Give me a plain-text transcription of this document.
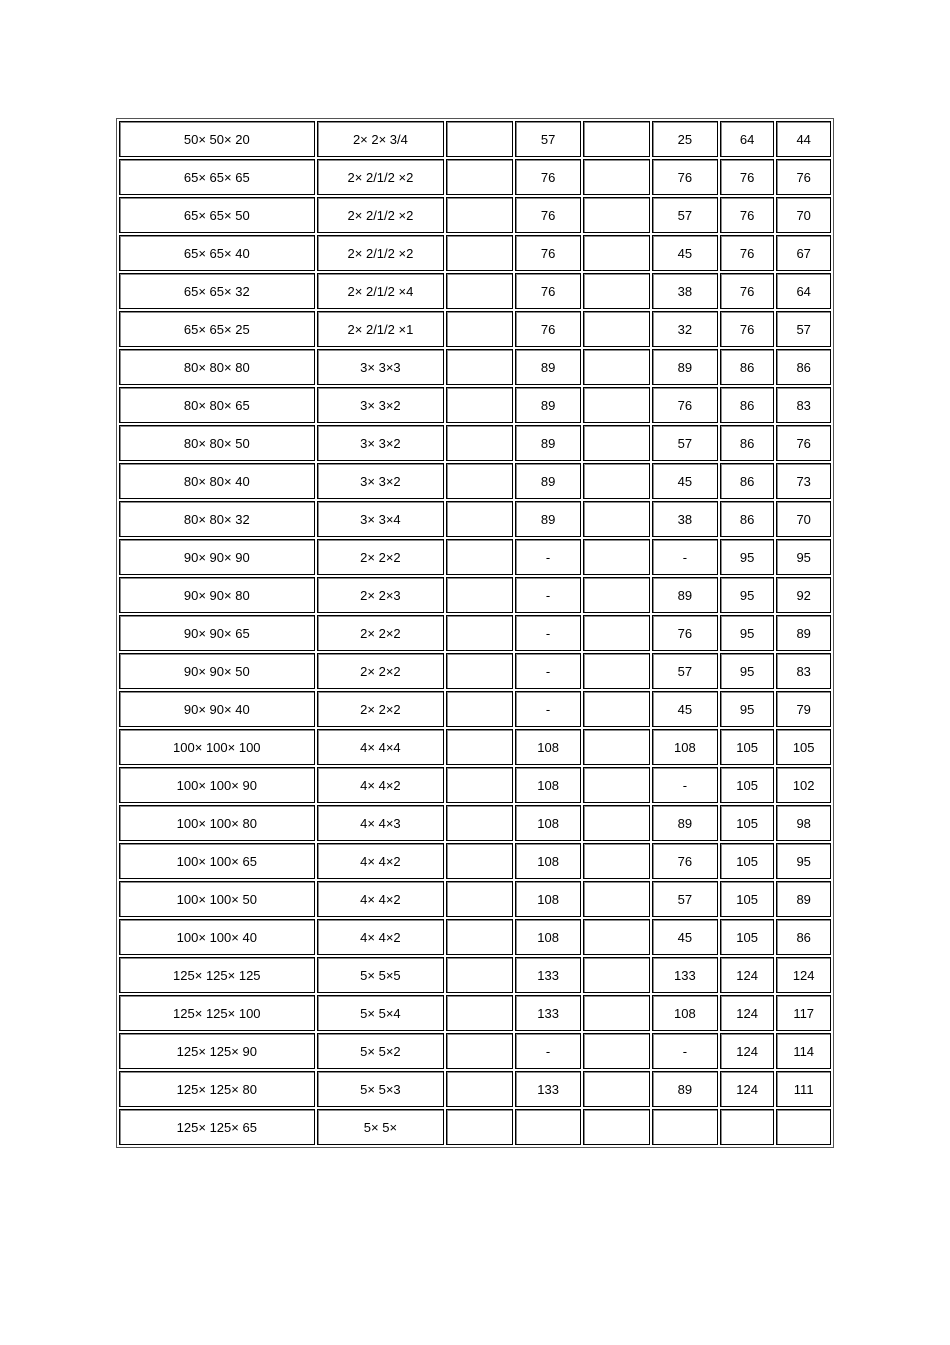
50× 50× 20	2× 2× 3/4		57		25	64	44
65× 65× 65	2× 2/1/2 ×2		76		76	76	76
65× 65× 50	2× 2/1/2 ×2		76		57	76	70
65× 65× 40	2× 2/1/2 ×2		76		45	76	67
65× 65× 32	2× 2/1/2 ×4		76		38	76	64
65× 65× 25	2× 2/1/2 ×1		76		32	76	57
80× 80× 80	3× 3×3		89		89	86	86
80× 80× 65	3× 3×2		89		76	86	83
80× 80× 50	3× 3×2		89		57	86	76
80× 80× 40	3× 3×2		89		45	86	73
80× 80× 32	3× 3×4		89		38	86	70
90× 90× 90	2× 2×2		-		-	95	95
90× 90× 80	2× 2×3		-		89	95	92
90× 90× 65	2× 2×2		-		76	95	89
90× 90× 50	2× 2×2		-		57	95	83
90× 90× 40	2× 2×2		-		45	95	79
100× 100× 100	4× 4×4		108		108	105	105
100× 100× 90	4× 4×2		108		-	105	102
100× 100× 80	4× 4×3		108		89	105	98
100× 100× 65	4× 4×2		108		76	105	95
100× 100× 50	4× 4×2		108		57	105	89
100× 100× 40	4× 4×2		108		45	105	86
125× 125× 125	5× 5×5		133		133	124	124
125× 125× 100	5× 5×4		133		108	124	117
125× 125× 90	5× 5×2		-		-	124	114
125× 125× 80	5× 5×3		133		89	124	111
125× 125× 65	5× 5×						
